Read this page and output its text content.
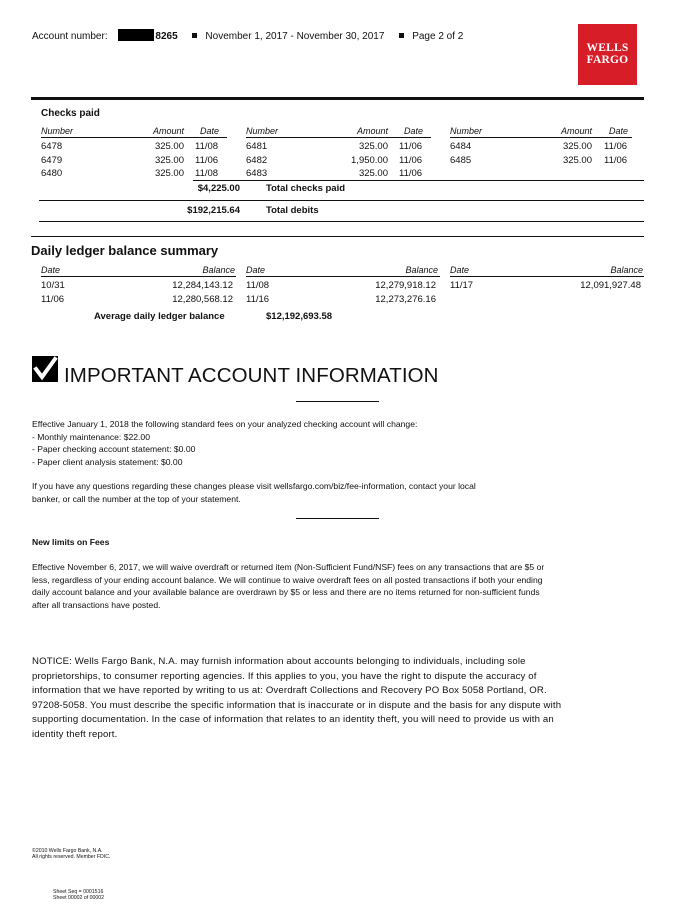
Account number:	8265	November 1, 2017 - November 30, 2017	Page 2 of 2
WELLS
FARGO
Checks paid
Number	Amount Date	Number	Amount Date	Number	Amount Date
6478	325.00 11/08	6481	325.00 11/06	6484	325.00 11/06
6479	325.00 11/06	6482	1,950.00 11/06	6485	325.00 11/06
6480	325.00 11/08	6483	325.00 11/06
$4,225.00	Total checks paid
$192,215.64	Total debits
Daily ledger balance summary
Date	Balance Date	Balance Date	Balance
10/31	12,284,143.12 11/08	12,279,918.12 11/17	12,091,927.48
11/06	12,280,568.12 11/16	12,273,276.16
Average daily ledger balance	$12,192,693.58
IMPORTANT ACCOUNT INFORMATION
Effective January 1, 2018 the following standard fees on your analyzed checking account will change:
- Monthly maintenance: $22.00
- Paper checking account statement: $0.00
- Paper client analysis statement: $0.00
If you have any questions regarding these changes please visit wellsfargo.com/biz/fee-information, contact your local
banker, or call the number at the top of your statement.
New limits on Fees
Effective November 6, 2017, we will waive overdraft or returned item (Non-Sufficient Fund/NSF) fees on any transactions that are $5 or
less, regardless of your ending account balance. We will continue to waive overdraft fees on all posted transactions if both your ending
daily account balance and your available balance are overdrawn by $5 or less and there are no items returned for non-sufficient funds
after all transactions have posted.
NOTICE: Wells Fargo Bank, N.A. may furnish information about accounts belonging to individuals, including sole
proprietorships, to consumer reporting agencies. If this applies to you, you have the right to dispute the accuracy of
information that we have reported by writing to us at: Overdraft Collections and Recovery PO Box 5058 Portland, OR.
97208-5058. You must describe the specific information that is inaccurate or in dispute and the basis for any dispute with
supporting documentation. In the case of information that relates to an identity theft, you will need to provide us with an
identity theft report.
©2010 Wells Fargo Bank, N.A.
All rights reserved. Member FDIC.
Sheet Seq = 0001516
Sheet 00002 of 00002
